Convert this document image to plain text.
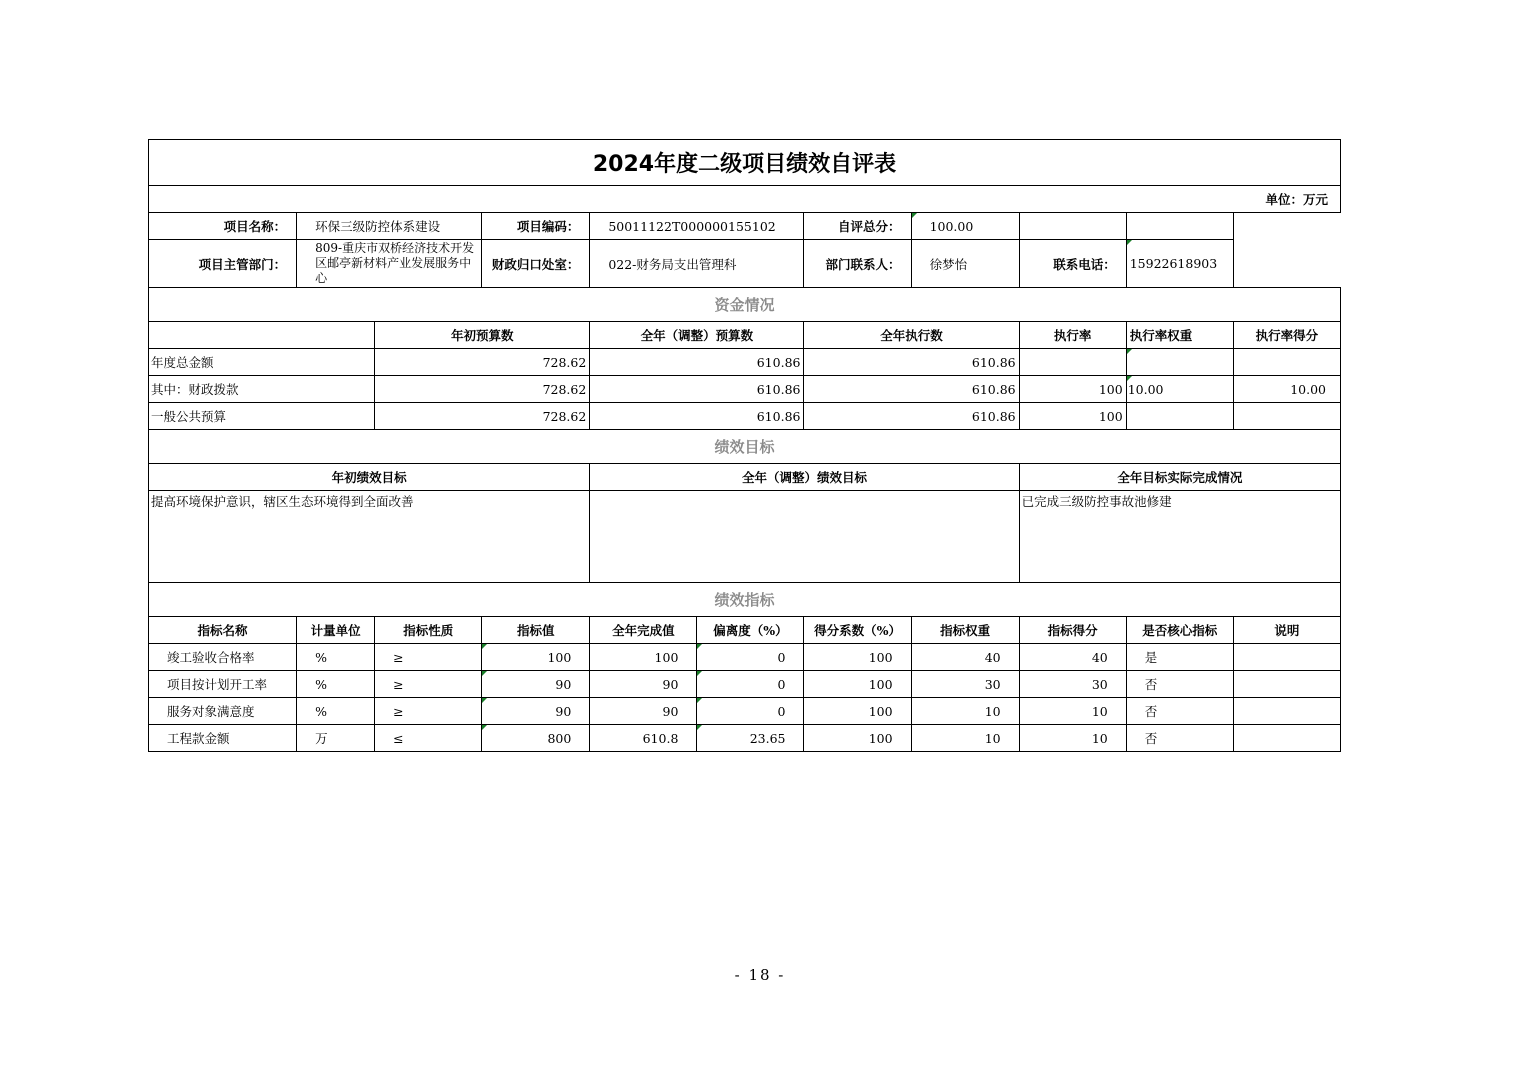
2024年度二级项目绩效自评表										
单位：万元										
项目名称：	环保三级防控体系建设		项目编码：	50011122T000000155102		自评总分：	100.00		
项目主管部门：	809-重庆市双桥经济技术开发区邮亭新材料产业发展服务中心		财政归口处室：	022-财务局支出管理科		部门联系人：	徐梦怡	联系电话：	15922618903
资金情况										
		年初预算数		全年（调整）预算数		全年执行数		执行率	执行率权重	执行率得分
年度总金额		728.62		610.86		610.86				
其中：财政拨款		728.62		610.86		610.86		100	10.00	10.00
一般公共预算		728.62		610.86		610.86		100		
绩效目标										
年初绩效目标				全年（调整）绩效目标				全年目标实际完成情况		
提高环境保护意识，辖区生态环境得到全面改善								已完成三级防控事故池修建		
绩效指标										
指标名称	计量单位	指标性质	指标值	全年完成值	偏离度（%）	得分系数（%）	指标权重	指标得分	是否核心指标	说明
竣工验收合格率	%	≥	100	100	0	100	40	40	是	
项目按计划开工率	%	≥	90	90	0	100	30	30	否	
服务对象满意度	%	≥	90	90	0	100	10	10	否	
工程款金额	万	≤	800	610.8	23.65	100	10	10	否	
- 18 -
